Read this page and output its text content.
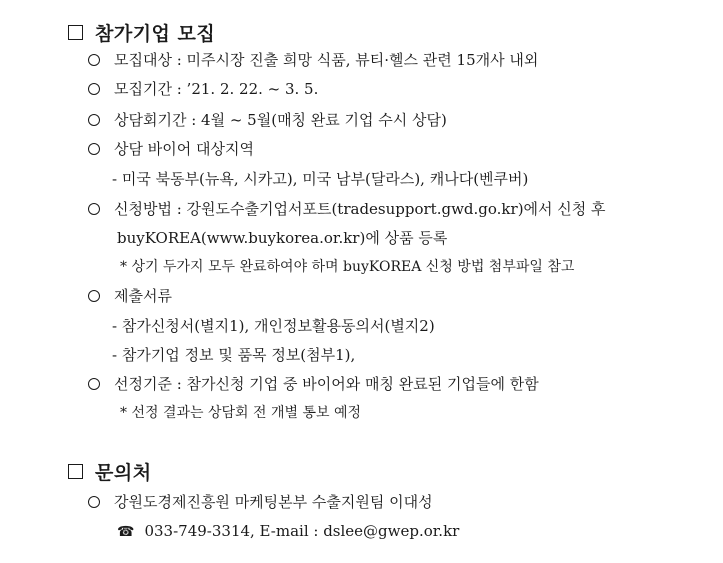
참가기업 모집
모집대상 : 미주시장 진출 희망 식품, 뷰티·헬스 관련 15개사 내외
모집기간 : ’21. 2. 22. ~ 3. 5.
상담회기간 : 4월 ~ 5월(매칭 완료 기업 수시 상담)
상담 바이어 대상지역
- 미국 북동부(뉴욕, 시카고), 미국 남부(달라스), 캐나다(벤쿠버)
신청방법 : 강원도수출기업서포트(tradesupport.gwd.go.kr)에서 신청 후
buyKOREA(www.buykorea.or.kr)에 상품 등록
* 상기 두가지 모두 완료하여야 하며 buyKOREA 신청 방법 첨부파일 참고
제출서류
- 참가신청서(별지1), 개인정보활용동의서(별지2)
- 참가기업 정보 및 품목 정보(첨부1),
선정기준 : 참가신청 기업 중 바이어와 매칭 완료된 기업들에 한함
* 선정 결과는 상담회 전 개별 통보 예정
문의처
강원도경제진흥원 마케팅본부 수출지원팀 이대성
☎ 033-749-3314, E-mail : dslee@gwep.or.kr
